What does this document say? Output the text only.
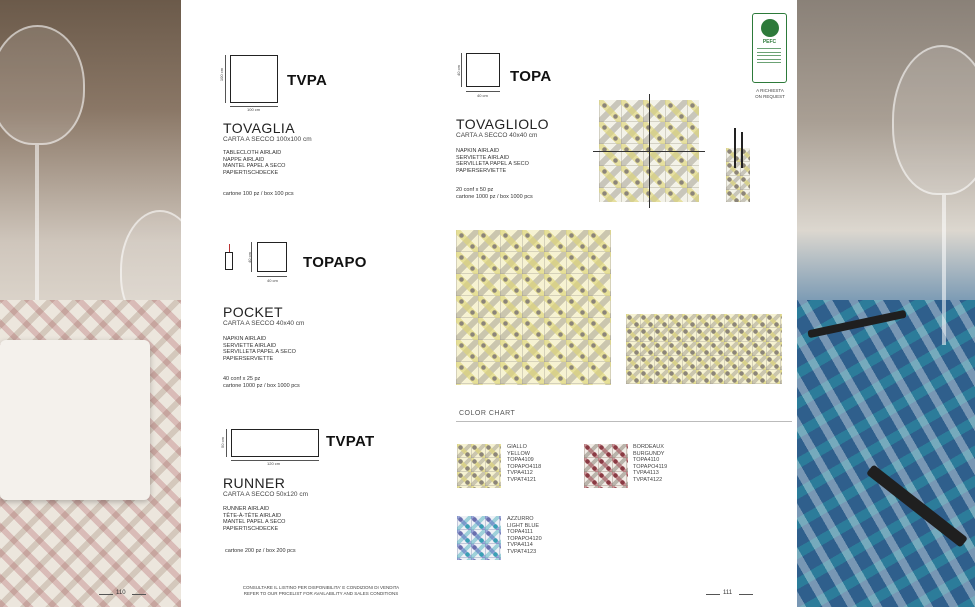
100 cm
100 cm
TVPA
TOVAGLIA
CARTA A SECCO 100x100 cm
TABLECLOTH AIRLAID
NAPPE AIRLAID
MANTEL PAPEL A SECO
PAPIERTISCHDECKE
cartone 100 pz / box 100 pcs
40 cm
40 cm
TOPAPO
POCKET
CARTA A SECCO 40x40 cm
NAPKIN AIRLAID
SERVIETTE AIRLAID
SERVILLETA PAPEL A SECO
PAPIERSERVIETTE
40 conf x 25 pz
cartone 1000 pz / box 1000 pcs
50 cm
120 cm
TVPAT
RUNNER
CARTA A SECCO 50x120 cm
RUNNER AIRLAID
TÊTE-À-TÊTE AIRLAID
MANTEL PAPEL A SECO
PAPIERTISCHDECKE
cartone 200 pz / box 200 pcs
110
CONSULTARE IL LISTINO PER DISPONIBILITA' E CONDIZIONI DI VENDITA
REFER TO OUR PRICELIST FOR AVAILABILITY AND SALES CONDITIONS
40 cm
40 cm
TOPA
TOVAGLIOLO
CARTA A SECCO 40x40 cm
NAPKIN AIRLAID
SERVIETTE AIRLAID
SERVILLETA PAPEL A SECO
PAPIERSERVIETTE
20 conf x 50 pz
cartone 1000 pz / box 1000 pcs
PEFC
A RICHIESTA
ON REQUEST
COLOR CHART
GIALLO
YELLOW
TOPA4109
TOPAPO4118
TVPA4112
TVPAT4121
BORDEAUX
BURGUNDY
TOPA4110
TOPAPO4119
TVPA4113
TVPAT4122
AZZURRO
LIGHT BLUE
TOPA4111
TOPAPO4120
TVPA4114
TVPAT4123
111
